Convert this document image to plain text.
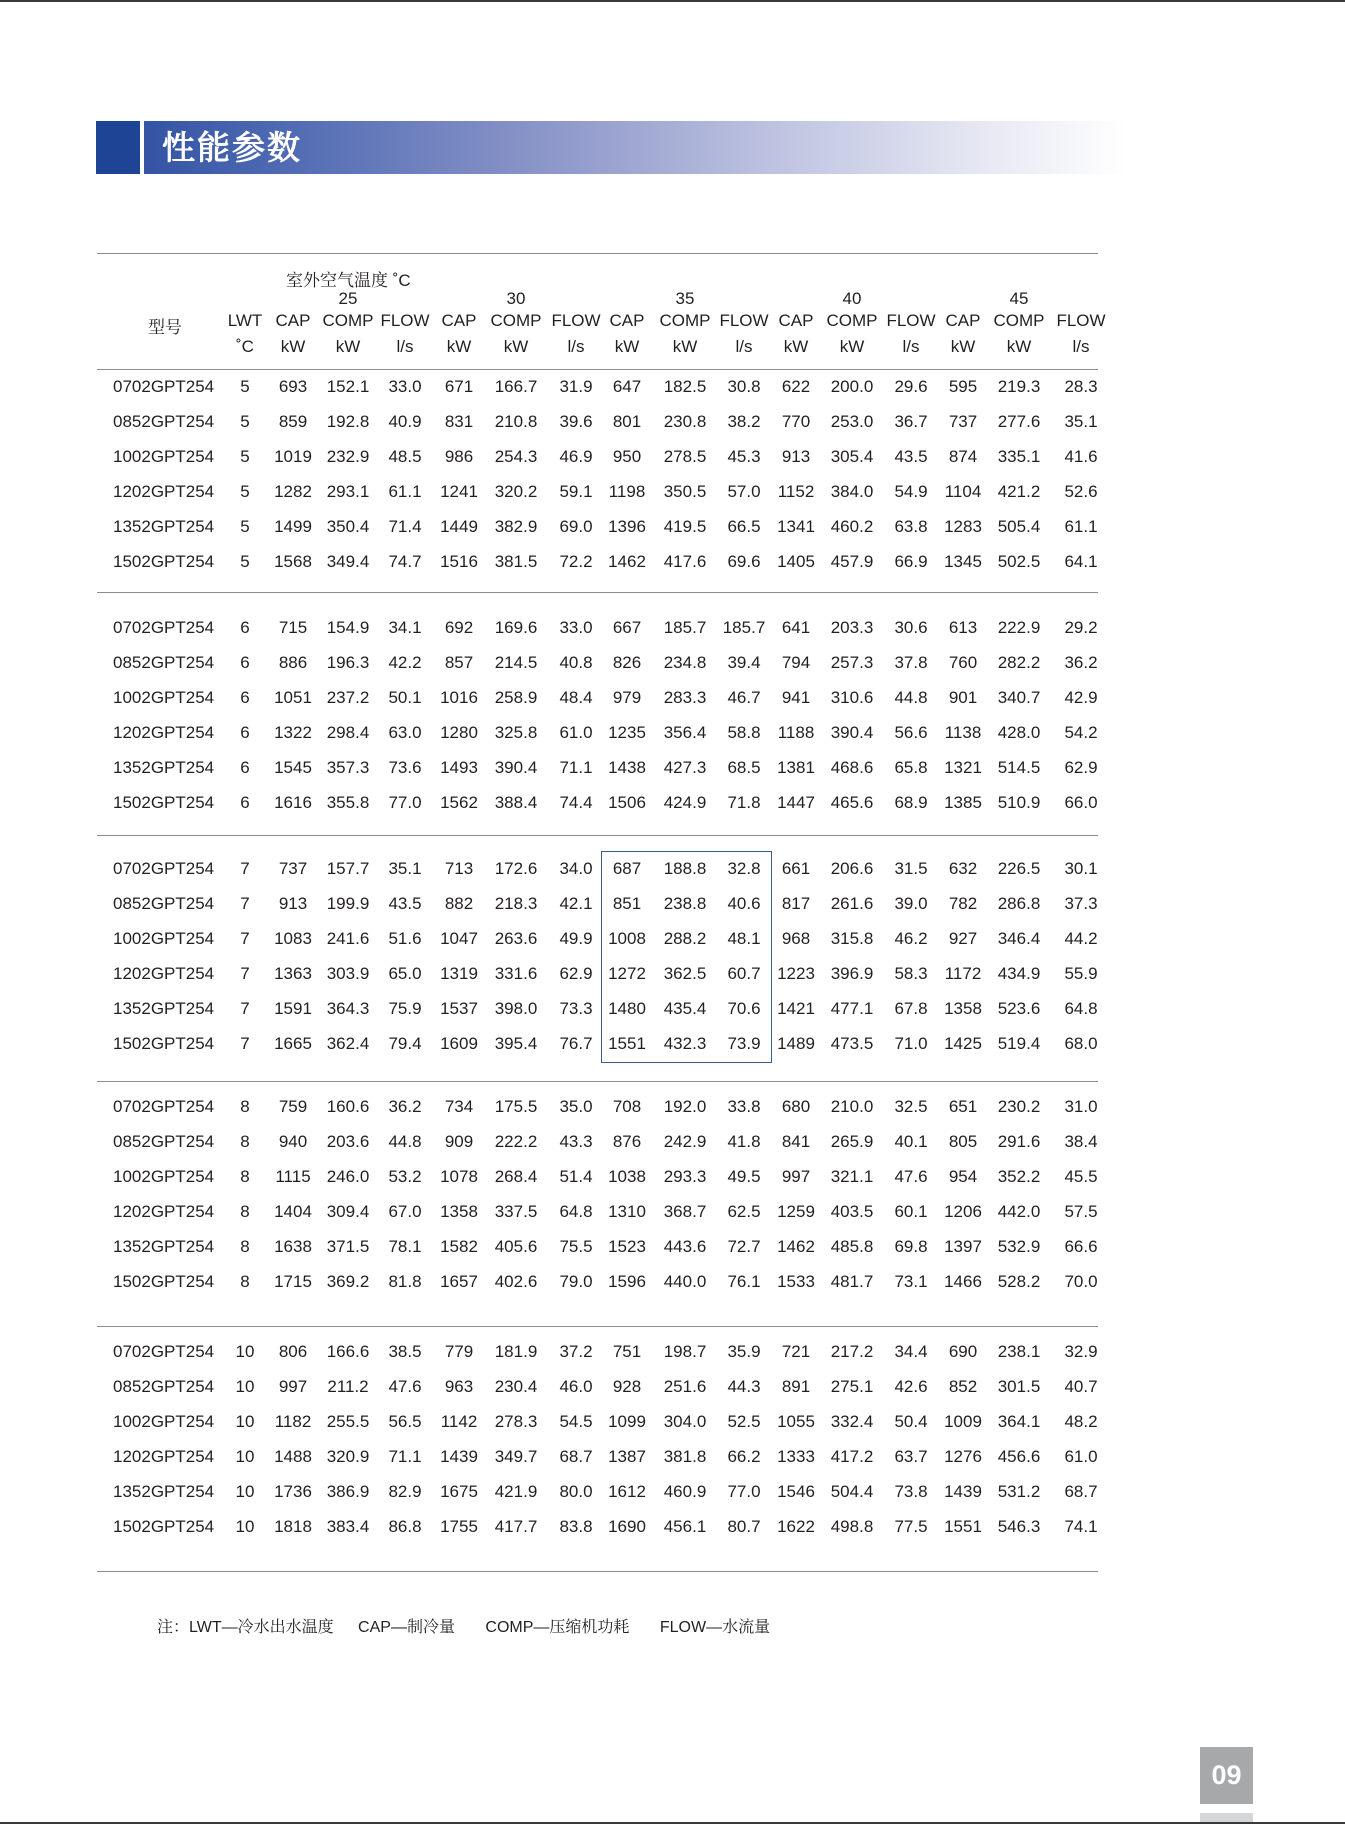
性能参数
室外空气温度 ˚C
25	30	35	40	45
型号	LWT CAP COMP FLOW CAP COMP FLOW CAP COMP FLOW CAP COMP FLOW CAP COMP FLOW
˚C kW kW l/s kW kW l/s kW kW l/s kW kW l/s kW kW l/s
0702GPT254 5 693 152.1 33.0 671 166.7 31.9 647 182.5 30.8 622 200.0 29.6 595 219.3 28.3
0852GPT254 5 859 192.8 40.9 831 210.8 39.6 801 230.8 38.2 770 253.0 36.7 737 277.6 35.1
1002GPT254 5 1019 232.9 48.5 986 254.3 46.9 950 278.5 45.3 913 305.4 43.5 874 335.1 41.6
1202GPT254 5 1282 293.1 61.1 1241 320.2 59.1 1198 350.5 57.0 1152 384.0 54.9 1104 421.2 52.6
1352GPT254 5 1499 350.4 71.4 1449 382.9 69.0 1396 419.5 66.5 1341 460.2 63.8 1283 505.4 61.1
1502GPT254 5 1568 349.4 74.7 1516 381.5 72.2 1462 417.6 69.6 1405 457.9 66.9 1345 502.5 64.1
0702GPT254 6 715 154.9 34.1 692 169.6 33.0 667 185.7 185.7 641 203.3 30.6 613 222.9 29.2
0852GPT254 6 886 196.3 42.2 857 214.5 40.8 826 234.8 39.4 794 257.3 37.8 760 282.2 36.2
1002GPT254 6 1051 237.2 50.1 1016 258.9 48.4 979 283.3 46.7 941 310.6 44.8 901 340.7 42.9
1202GPT254 6 1322 298.4 63.0 1280 325.8 61.0 1235 356.4 58.8 1188 390.4 56.6 1138 428.0 54.2
1352GPT254 6 1545 357.3 73.6 1493 390.4 71.1 1438 427.3 68.5 1381 468.6 65.8 1321 514.5 62.9
1502GPT254 6 1616 355.8 77.0 1562 388.4 74.4 1506 424.9 71.8 1447 465.6 68.9 1385 510.9 66.0
0702GPT254 7 737 157.7 35.1 713 172.6 34.0 687 188.8 32.8 661 206.6 31.5 632 226.5 30.1
0852GPT254 7 913 199.9 43.5 882 218.3 42.1 851 238.8 40.6 817 261.6 39.0 782 286.8 37.3
1002GPT254 7 1083 241.6 51.6 1047 263.6 49.9 1008 288.2 48.1 968 315.8 46.2 927 346.4 44.2
1202GPT254 7 1363 303.9 65.0 1319 331.6 62.9 1272 362.5 60.7 1223 396.9 58.3 1172 434.9 55.9
1352GPT254 7 1591 364.3 75.9 1537 398.0 73.3 1480 435.4 70.6 1421 477.1 67.8 1358 523.6 64.8
1502GPT254 7 1665 362.4 79.4 1609 395.4 76.7 1551 432.3 73.9 1489 473.5 71.0 1425 519.4 68.0
0702GPT254 8 759 160.6 36.2 734 175.5 35.0 708 192.0 33.8 680 210.0 32.5 651 230.2 31.0
0852GPT254 8 940 203.6 44.8 909 222.2 43.3 876 242.9 41.8 841 265.9 40.1 805 291.6 38.4
1002GPT254 8 1115 246.0 53.2 1078 268.4 51.4 1038 293.3 49.5 997 321.1 47.6 954 352.2 45.5
1202GPT254 8 1404 309.4 67.0 1358 337.5 64.8 1310 368.7 62.5 1259 403.5 60.1 1206 442.0 57.5
1352GPT254 8 1638 371.5 78.1 1582 405.6 75.5 1523 443.6 72.7 1462 485.8 69.8 1397 532.9 66.6
1502GPT254 8 1715 369.2 81.8 1657 402.6 79.0 1596 440.0 76.1 1533 481.7 73.1 1466 528.2 70.0
0702GPT254 10 806 166.6 38.5 779 181.9 37.2 751 198.7 35.9 721 217.2 34.4 690 238.1 32.9
0852GPT254 10 997 211.2 47.6 963 230.4 46.0 928 251.6 44.3 891 275.1 42.6 852 301.5 40.7
1002GPT254 10 1182 255.5 56.5 1142 278.3 54.5 1099 304.0 52.5 1055 332.4 50.4 1009 364.1 48.2
1202GPT254 10 1488 320.9 71.1 1439 349.7 68.7 1387 381.8 66.2 1333 417.2 63.7 1276 456.6 61.0
1352GPT254 10 1736 386.9 82.9 1675 421.9 80.0 1612 460.9 77.0 1546 504.4 73.8 1439 531.2 68.7
1502GPT254 10 1818 383.4 86.8 1755 417.7 83.8 1690 456.1 80.7 1622 498.8 77.5 1551 546.3 74.1
注：LWT—冷水出水温度 CAP—制冷量 COMP—压缩机功耗 FLOW—水流量
09
